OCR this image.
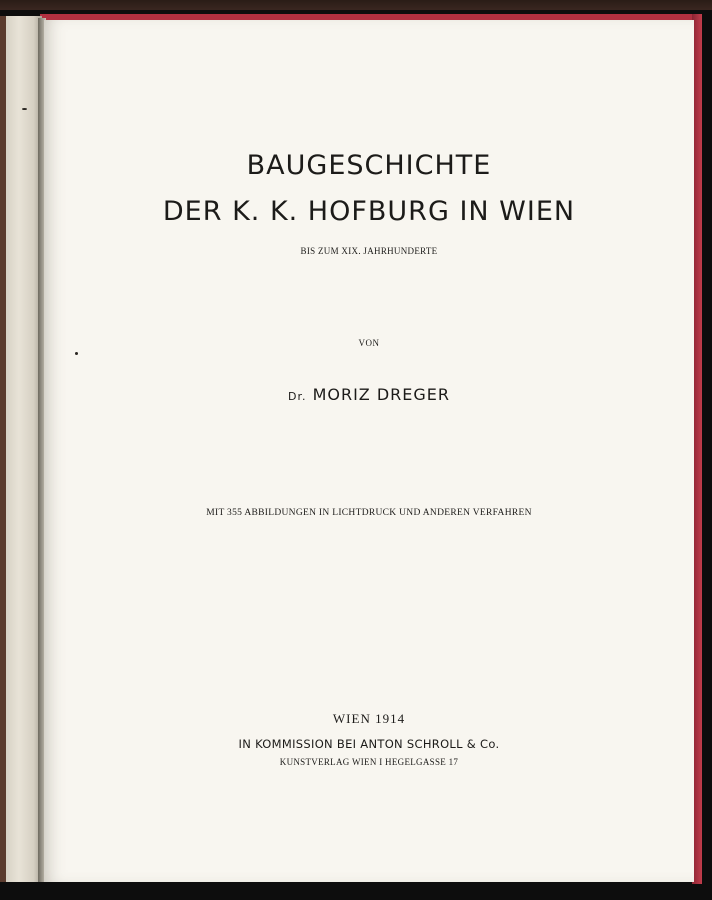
BAUGESCHICHTE
DER K. K. HOFBURG IN WIEN
BIS ZUM XIX. JAHRHUNDERTE
VON
Dr. MORIZ DREGER
MIT 355 ABBILDUNGEN IN LICHTDRUCK UND ANDEREN VERFAHREN
WIEN 1914
IN KOMMISSION BEI ANTON SCHROLL & Co.
KUNSTVERLAG WIEN I HEGELGASSE 17
